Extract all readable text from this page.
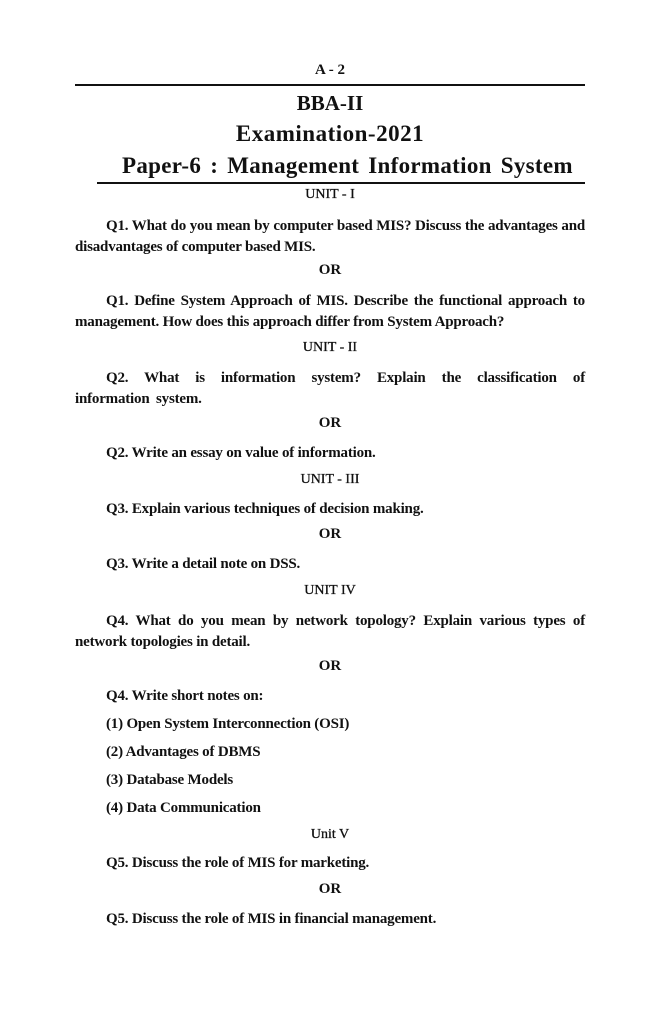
A - 2
BBA-II
Examination-2021
Paper-6 : Management Information System
UNIT - I
Q1. What do you mean by computer based MIS? Discuss the advantages and disadvantages of computer based MIS.
OR
Q1. Define System Approach of MIS. Describe the functional approach to management. How does this approach differ from System Approach?
UNIT - II
Q2. What is information system? Explain the classification of information system.
OR
Q2. Write an essay on value of information.
UNIT - III
Q3. Explain various techniques of decision making.
OR
Q3. Write a detail note on DSS.
UNIT IV
Q4. What do you mean by network topology? Explain various types of network topologies in detail.
OR
Q4. Write short notes on:
(1) Open System Interconnection (OSI)
(2) Advantages of DBMS
(3) Database Models
(4) Data Communication
Unit V
Q5. Discuss the role of MIS for marketing.
OR
Q5. Discuss the role of MIS in financial management.
